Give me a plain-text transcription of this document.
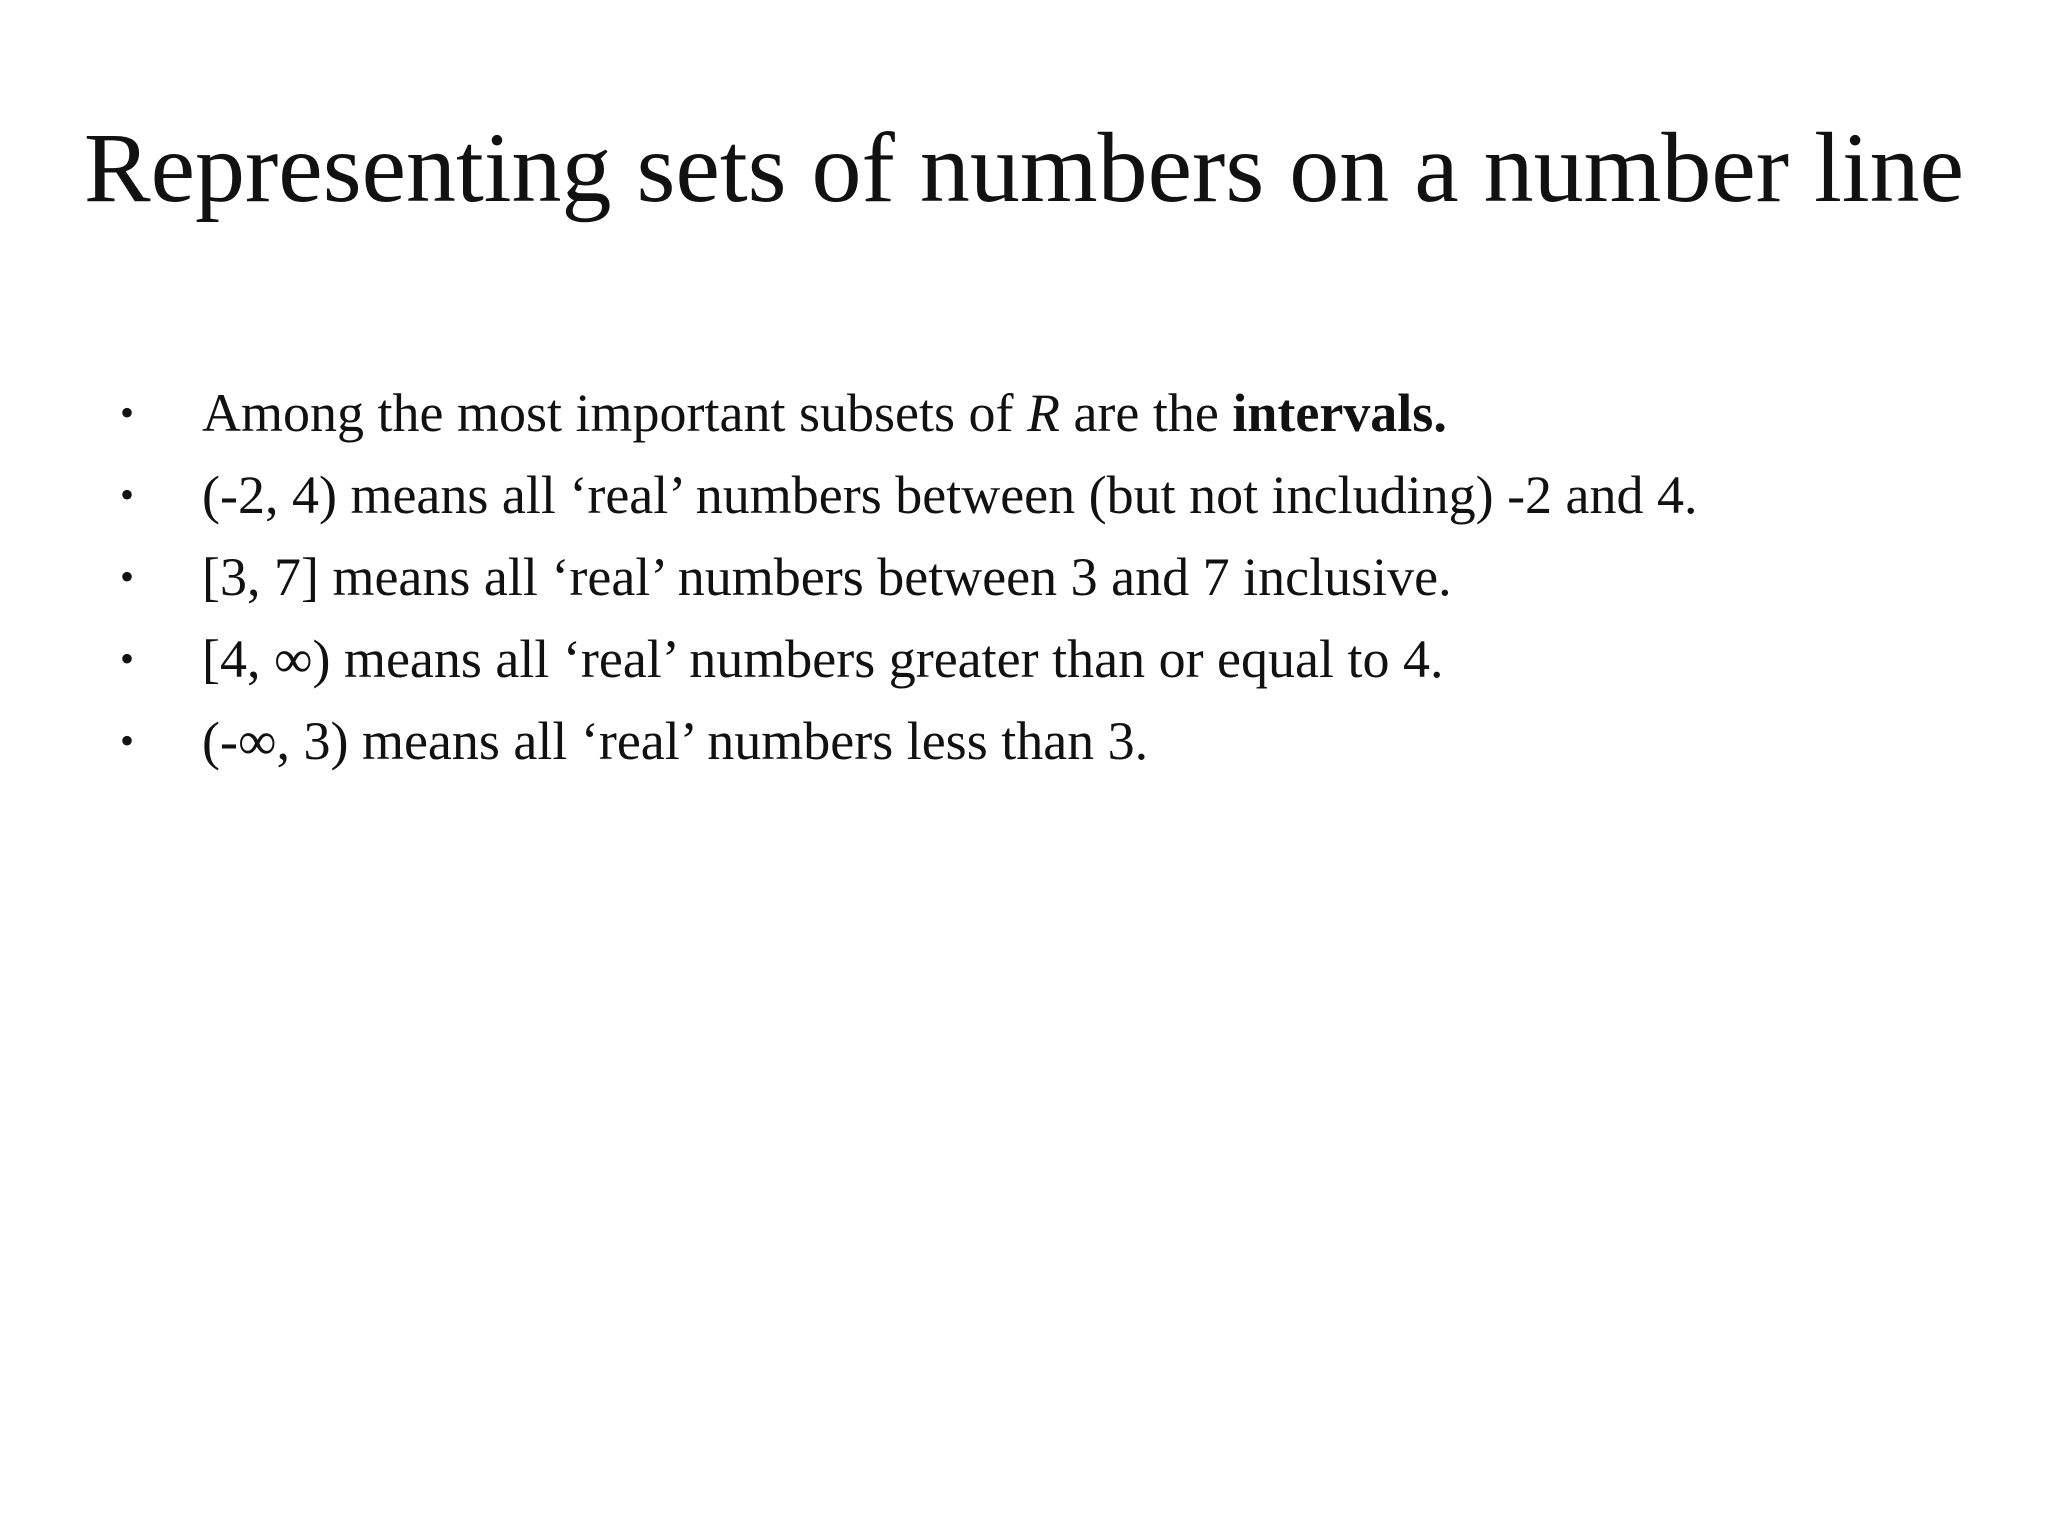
Representing sets of numbers on a number line
• Among the most important subsets of R are the intervals.
• (-2, 4) means all ‘real’ numbers between (but not including) -2 and 4.
• [3, 7] means all ‘real’ numbers between 3 and 7 inclusive.
• [4, ∞) means all ‘real’ numbers greater than or equal to 4.
• (-∞, 3) means all ‘real’ numbers less than 3.
